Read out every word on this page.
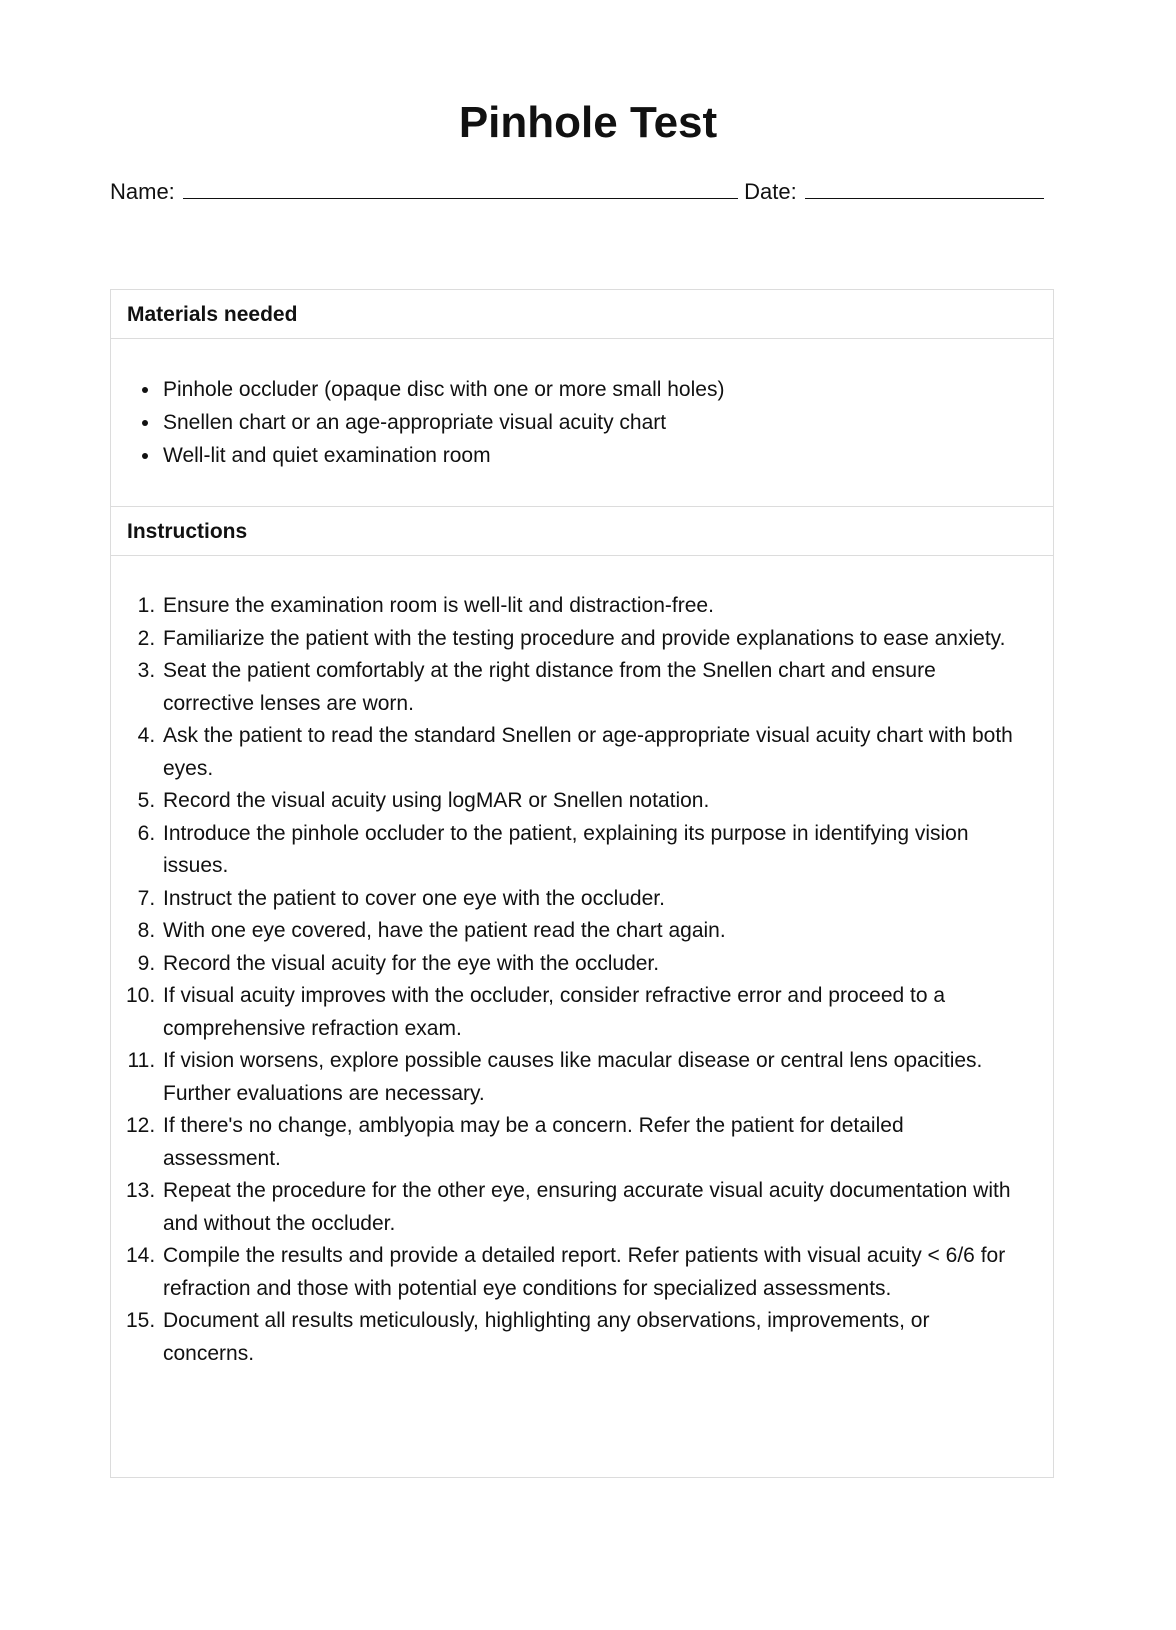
Pinhole Test
Name:	Date:
Materials needed
• Pinhole occluder (opaque disc with one or more small holes)
• Snellen chart or an age-appropriate visual acuity chart
• Well-lit and quiet examination room
Instructions
1. Ensure the examination room is well-lit and distraction-free.
2. Familiarize the patient with the testing procedure and provide explanations to ease anxiety.
3. Seat the patient comfortably at the right distance from the Snellen chart and ensure corrective lenses are worn.
4. Ask the patient to read the standard Snellen or age-appropriate visual acuity chart with both eyes.
5. Record the visual acuity using logMAR or Snellen notation.
6. Introduce the pinhole occluder to the patient, explaining its purpose in identifying vision issues.
7. Instruct the patient to cover one eye with the occluder.
8. With one eye covered, have the patient read the chart again.
9. Record the visual acuity for the eye with the occluder.
10. If visual acuity improves with the occluder, consider refractive error and proceed to a comprehensive refraction exam.
11. If vision worsens, explore possible causes like macular disease or central lens opacities. Further evaluations are necessary.
12. If there's no change, amblyopia may be a concern. Refer the patient for detailed assessment.
13. Repeat the procedure for the other eye, ensuring accurate visual acuity documentation with and without the occluder.
14. Compile the results and provide a detailed report. Refer patients with visual acuity < 6/6 for refraction and those with potential eye conditions for specialized assessments.
15. Document all results meticulously, highlighting any observations, improvements, or concerns.
